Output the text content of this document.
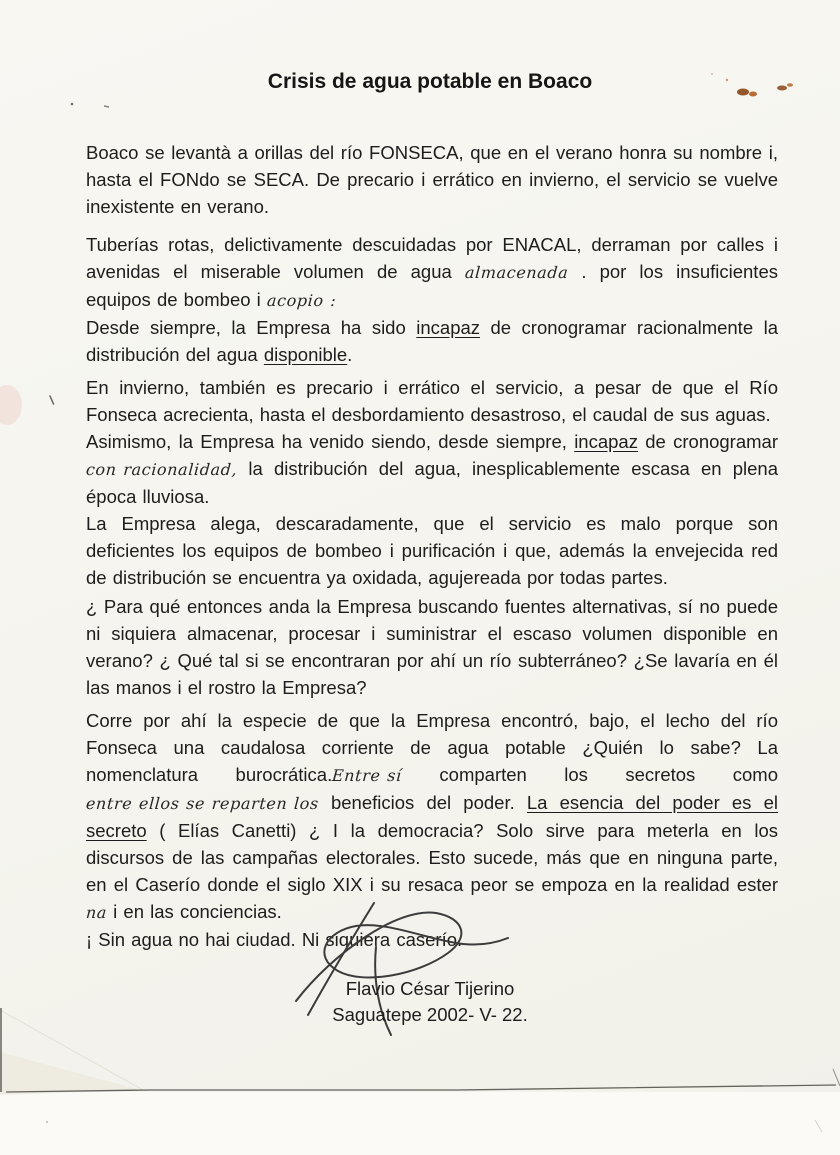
Crisis de agua potable en Boaco
Boaco se levantà a orillas del río FONSECA, que en el verano honra su nombre i, hasta el FONdo se SECA. De precario i errático en invierno, el servicio se vuelve inexistente en verano.
Tuberías rotas, delictivamente descuidadas por ENACAL, derraman por calles i avenidas el miserable volumen de agua almacenada . por los insuficientes equipos de bombeo i acopio :
Desde siempre, la Empresa ha sido incapaz de cronogramar racionalmente la distribución del agua disponible.
En invierno, también es precario i errático el servicio, a pesar de que el Río Fonseca acrecienta, hasta el desbordamiento desastroso, el caudal de sus aguas.
Asimismo, la Empresa ha venido siendo, desde siempre, incapaz de cronogramar con racionalidad, la distribución del agua, inesplicablemente escasa en plena época lluviosa.
La Empresa alega, descaradamente, que el servicio es malo porque son deficientes los equipos de bombeo i purificación i que, además la envejecida red de distribución se encuentra ya oxidada, agujereada por todas partes.
¿ Para qué entonces anda la Empresa buscando fuentes alternativas, sí no puede ni siquiera almacenar, procesar i suministrar el escaso volumen disponible en verano? ¿ Qué tal si se encontraran por ahí un río subterráneo? ¿Se lavaría en él las manos i el rostro la Empresa?
Corre por ahí la especie de que la Empresa encontró, bajo, el lecho del río Fonseca una caudalosa corriente de agua potable ¿Quién lo sabe? La nomenclatura burocrática.Entre sí comparten los secretos como entre ellos se reparten los beneficios del poder. La esencia del poder es el secreto ( Elías Canetti) ¿ I la democracia? Solo sirve para meterla en los discursos de las campañas electorales. Esto sucede, más que en ninguna parte, en el Caserío donde el siglo XIX i su resaca peor se empoza en la realidad esterna i en las conciencias.
¡ Sin agua no hai ciudad. Ni siquiera caserío.
Flavio César Tijerino
Saguatepe 2002- V- 22.
